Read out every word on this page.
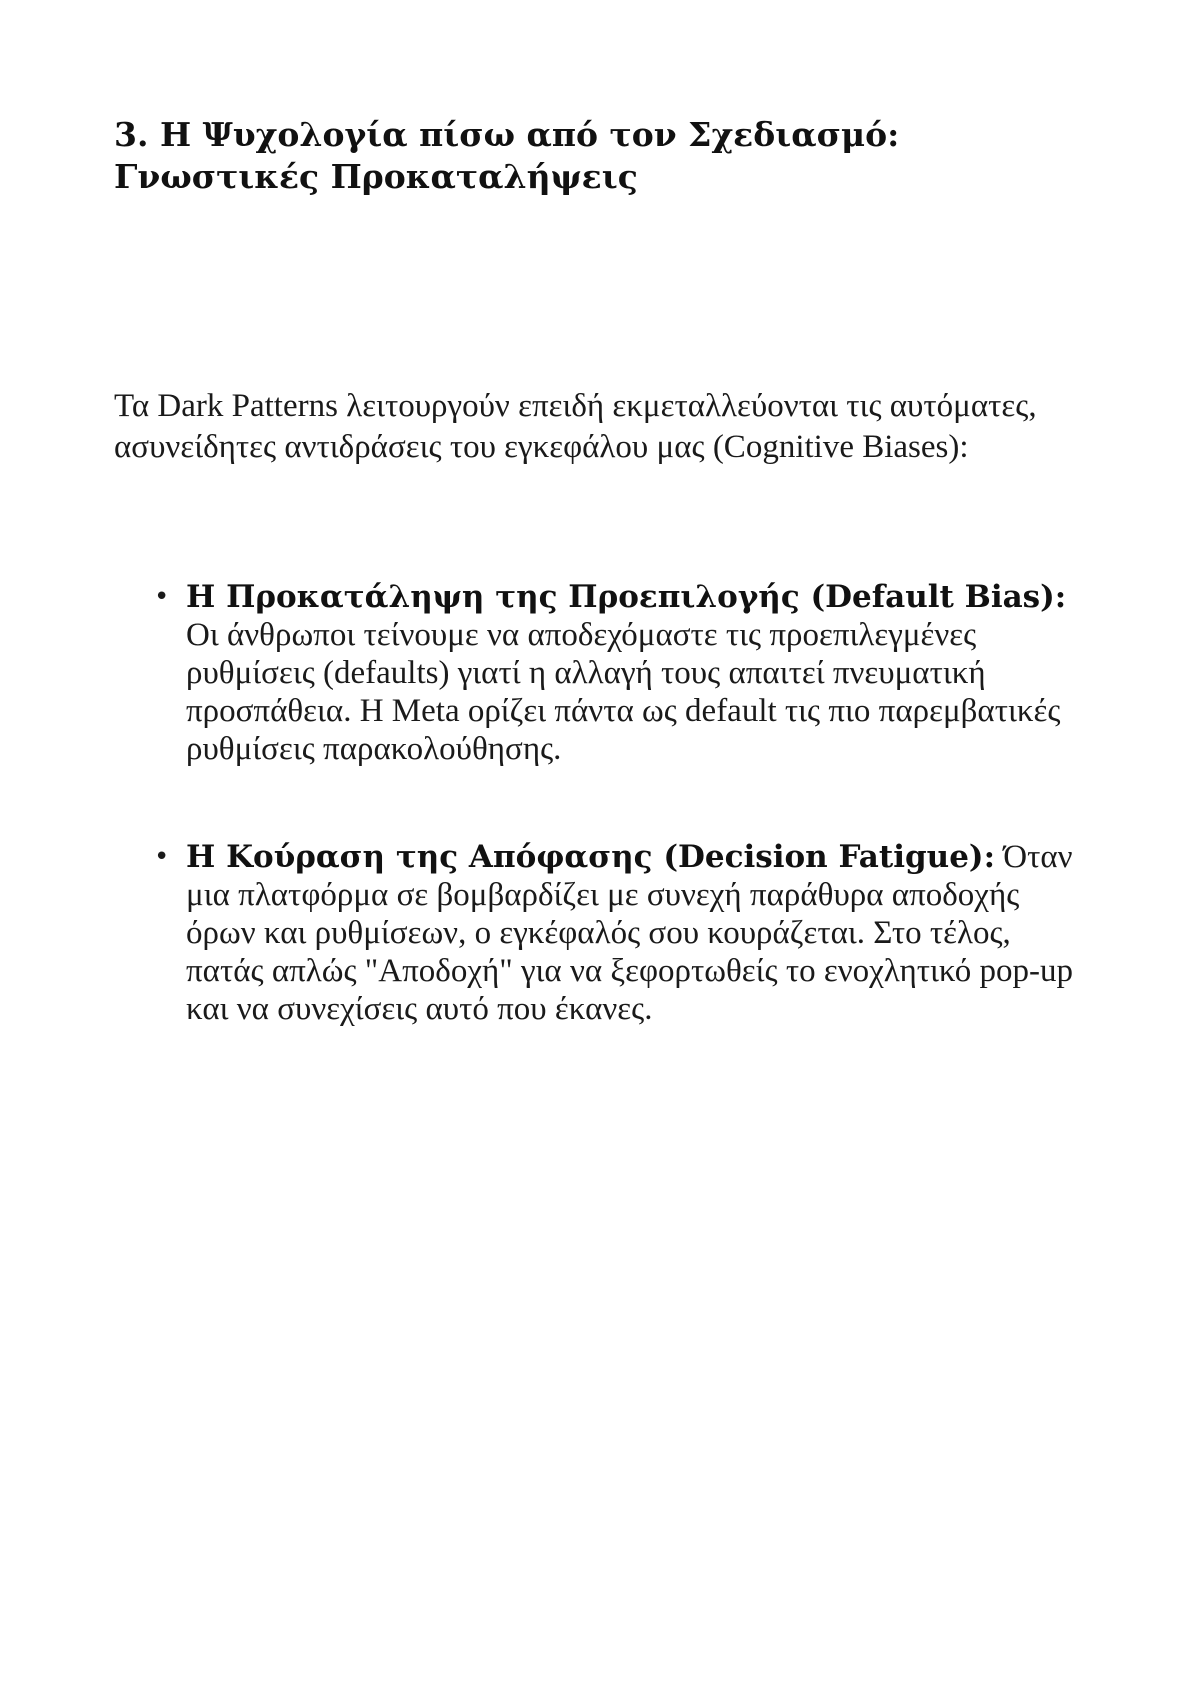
3. Η Ψυχολογία πίσω από τον Σχεδιασμό: Γνωστικές Προκαταλήψεις

Τα Dark Patterns λειτουργούν επειδή εκμεταλλεύονται τις αυτόματες, ασυνείδητες αντιδράσεις του εγκεφάλου μας (Cognitive Biases):

• Η Προκατάληψη της Προεπιλογής (Default Bias): Οι άνθρωποι τείνουμε να αποδεχόμαστε τις προεπιλεγμένες ρυθμίσεις (defaults) γιατί η αλλαγή τους απαιτεί πνευματική προσπάθεια. Η Meta ορίζει πάντα ως default τις πιο παρεμβατικές ρυθμίσεις παρακολούθησης.
• Η Κούραση της Απόφασης (Decision Fatigue): Όταν μια πλατφόρμα σε βομβαρδίζει με συνεχή παράθυρα αποδοχής όρων και ρυθμίσεων, ο εγκέφαλός σου κουράζεται. Στο τέλος, πατάς απλώς "Αποδοχή" για να ξεφορτωθείς το ενοχλητικό pop-up και να συνεχίσεις αυτό που έκανες.
